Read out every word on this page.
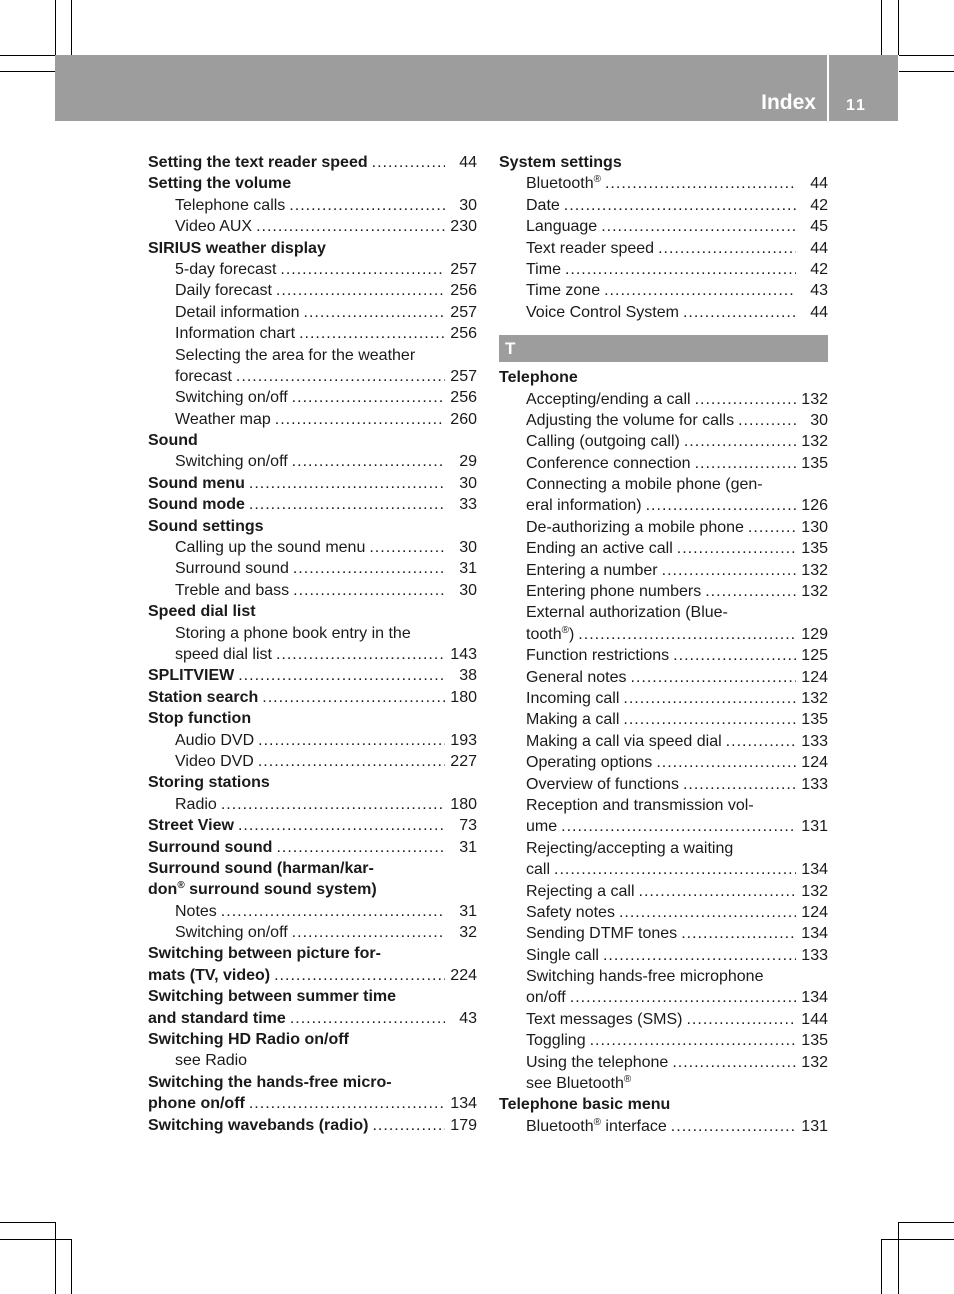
Index 11
Setting the text reader speed .....	44
Setting the volume
Telephone calls .....	30
Video AUX .....	230
SIRIUS weather display
5-day forecast .....	257
Daily forecast .....	256
Detail information .....	257
Information chart .....	256
Selecting the area for the weather
forecast .....	257
Switching on/off .....	256
Weather map .....	260
Sound
Switching on/off .....	29
Sound menu .....	30
Sound mode .....	33
Sound settings
Calling up the sound menu .....	30
Surround sound .....	31
Treble and bass .....	30
Speed dial list
Storing a phone book entry in the
speed dial list .....	143
SPLITVIEW .....	38
Station search .....	180
Stop function
Audio DVD .....	193
Video DVD .....	227
Storing stations
Radio .....	180
Street View .....	73
Surround sound .....	31
Surround sound (harman/kar-
don® surround sound system)
Notes .....	31
Switching on/off .....	32
Switching between picture for-
mats (TV, video) .....	224
Switching between summer time
and standard time .....	43
Switching HD Radio on/off
see Radio
Switching the hands-free micro-
phone on/off .....	134
Switching wavebands (radio) .....	179
System settings
Bluetooth® .....	44
Date .....	42
Language .....	45
Text reader speed .....	44
Time .....	42
Time zone .....	43
Voice Control System .....	44
T
Telephone
Accepting/ending a call .....	132
Adjusting the volume for calls .....	30
Calling (outgoing call) .....	132
Conference connection .....	135
Connecting a mobile phone (gen-
eral information) .....	126
De-authorizing a mobile phone .....	130
Ending an active call .....	135
Entering a number .....	132
Entering phone numbers .....	132
External authorization (Blue-
tooth®) .....	129
Function restrictions .....	125
General notes .....	124
Incoming call .....	132
Making a call .....	135
Making a call via speed dial .....	133
Operating options .....	124
Overview of functions .....	133
Reception and transmission vol-
ume .....	131
Rejecting/accepting a waiting
call .....	134
Rejecting a call .....	132
Safety notes .....	124
Sending DTMF tones .....	134
Single call .....	133
Switching hands-free microphone
on/off .....	134
Text messages (SMS) .....	144
Toggling .....	135
Using the telephone .....	132
see Bluetooth®
Telephone basic menu
Bluetooth® interface .....	131
